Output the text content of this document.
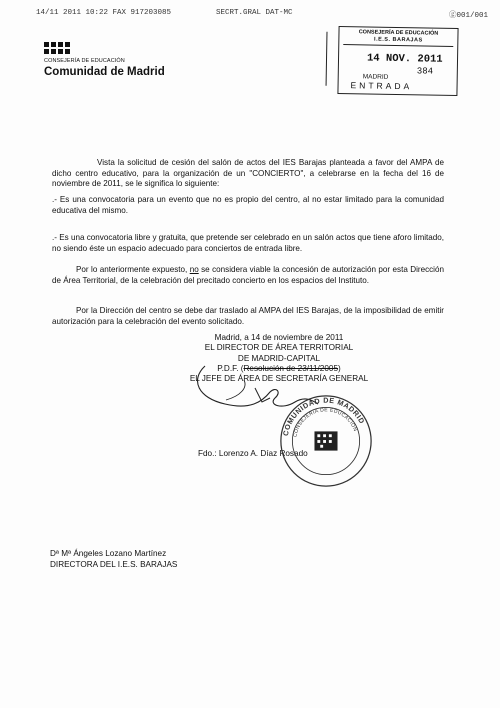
14/11 2011 10:22 FAX 917203085	SECRT.GRAL DAT-MC	ⓖ001/001
CONSEJERÍA DE EDUCACIÓN
Comunidad de Madrid
CONSEJERÍA DE EDUCACIÓN
I.E.S. BARAJAS
14 NOV. 2011
384
MADRID
ENTRADA

Vista la solicitud de cesión del salón de actos del IES Barajas planteada a favor del AMPA de dicho centro educativo, para la organización de un "CONCIERTO", a celebrarse en la fecha del 16 de noviembre de 2011, se le significa lo siguiente:

.- Es una convocatoria para un evento que no es propio del centro, al no estar limitado para la comunidad educativa del mismo.

.- Es una convocatoria libre y gratuita, que pretende ser celebrado en un salón actos que tiene aforo limitado, no siendo éste un espacio adecuado para conciertos de entrada libre.

Por lo anteriormente expuesto, no se considera viable la concesión de autorización por esta Dirección de Área Territorial, de la celebración del precitado concierto en los espacios del Instituto.

Por la Dirección del centro se debe dar traslado al AMPA del IES Barajas, de la imposibilidad de emitir autorización para la celebración del evento solicitado.

Madrid, a 14 de noviembre de 2011
EL DIRECTOR DE ÁREA TERRITORIAL
DE MADRID-CAPITAL
P.D.F. (Resolución de 23/11/2005)
EL JEFE DE ÁREA DE SECRETARÍA GENERAL
Fdo.: Lorenzo A. Díaz Rosado
COMUNIDAD DE MADRID
CONSEJERÍA DE EDUCACIÓN
Dª Mª Ángeles Lozano Martínez
DIRECTORA DEL I.E.S. BARAJAS
